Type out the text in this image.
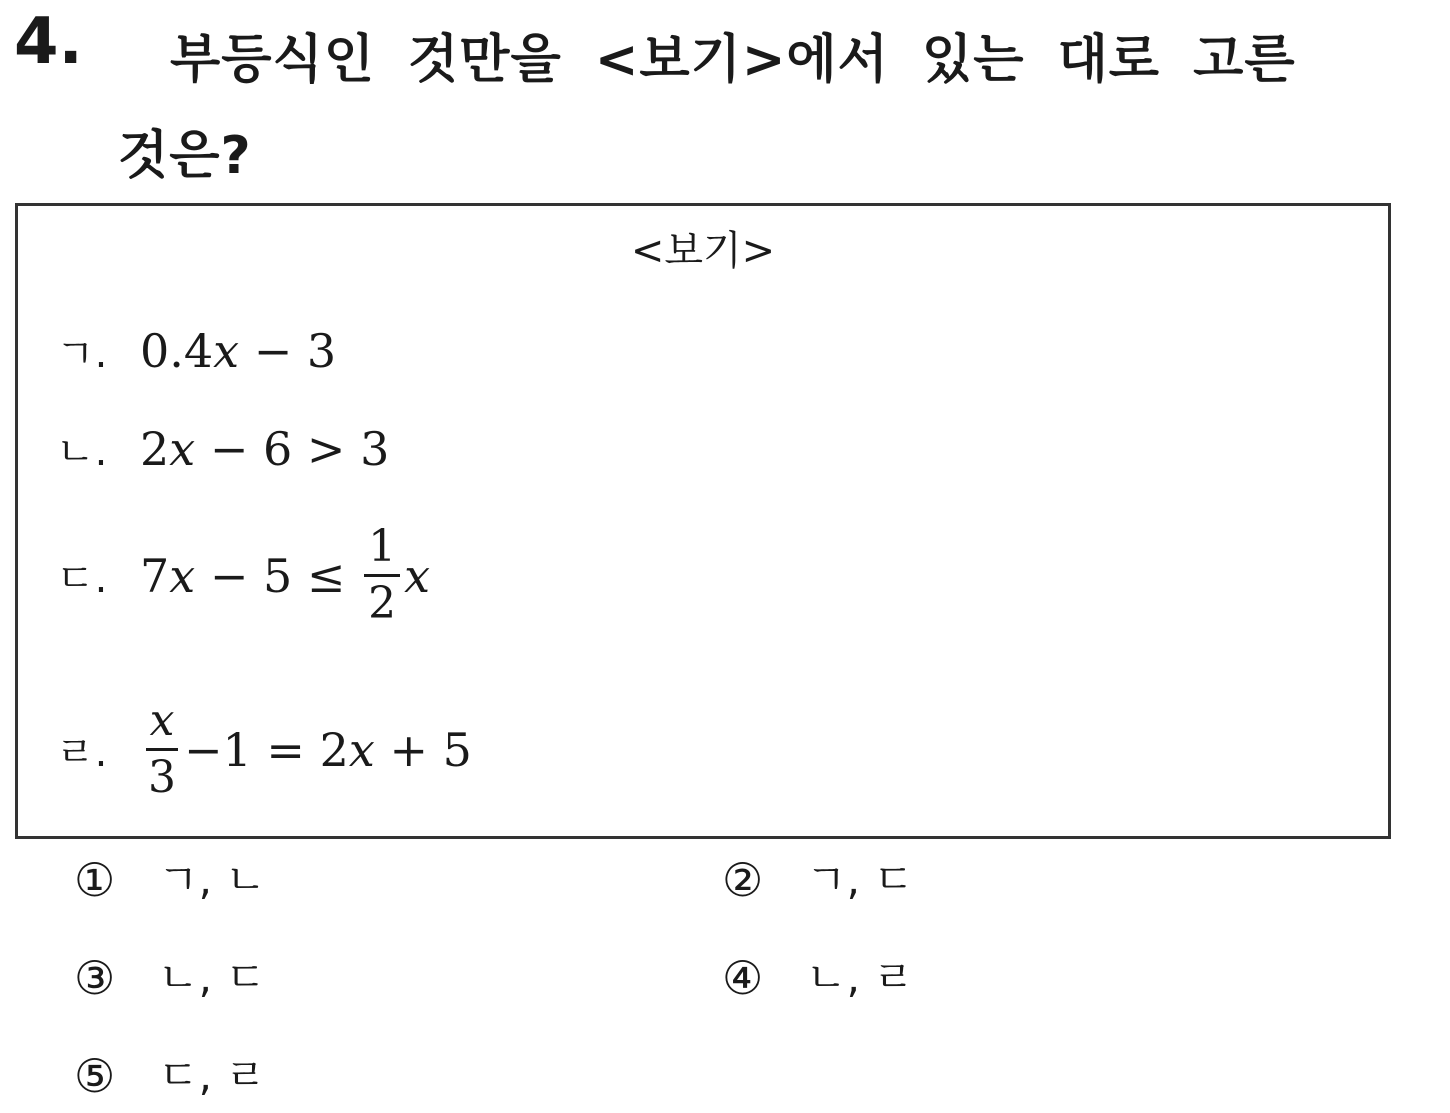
4.	부등식인 것만을 <보기>에서 있는 대로 고른 것은?
<보기>
ㄱ. 0.4 x − 3
ㄴ. 2 x − 6 > 3
ㄷ. 7 $x - 5 \le \frac{1}{2}$ x
ㄹ. $\frac{x}{3} -1 = 2$ x + 5
①	ㄱ, ㄴ	②	ㄱ, ㄷ
③	ㄴ, ㄷ	④	ㄴ, ㄹ
⑤	ㄷ, ㄹ
